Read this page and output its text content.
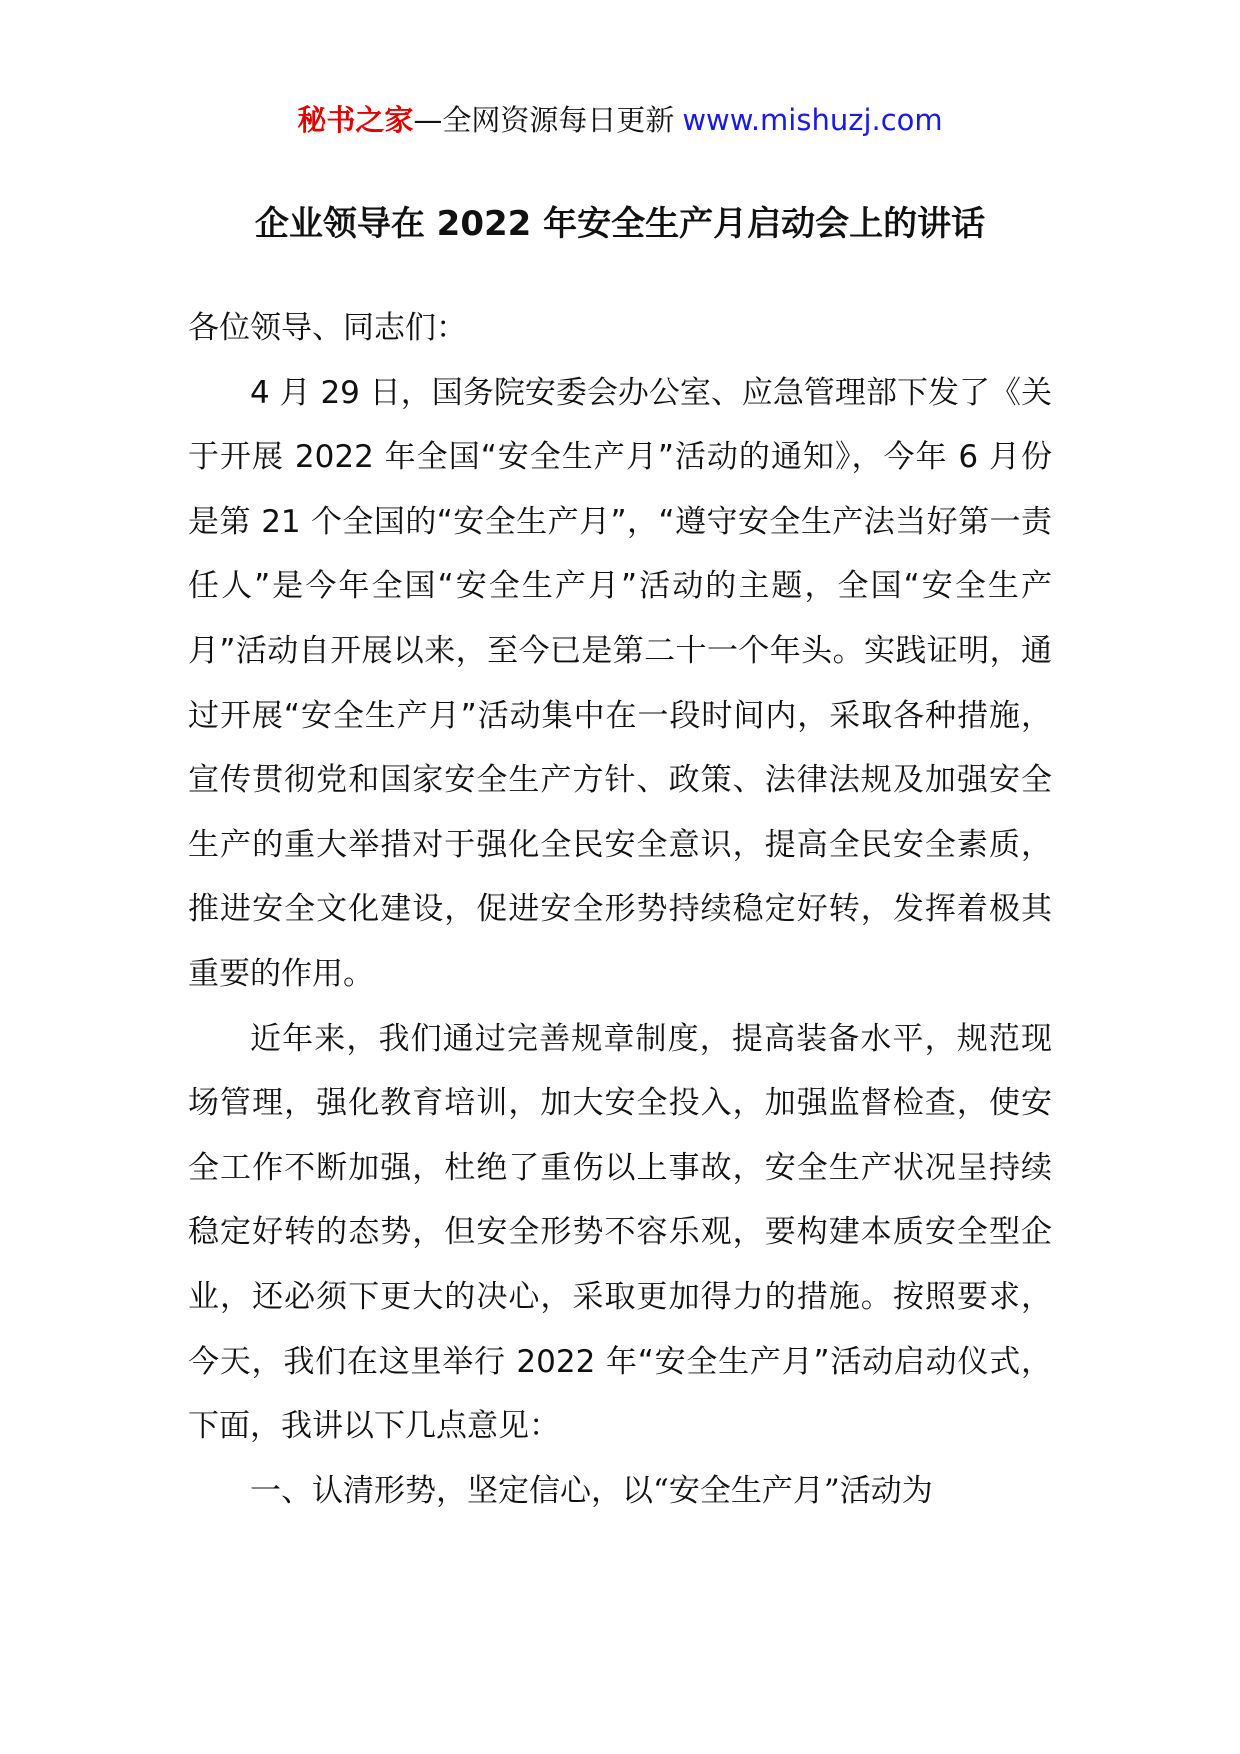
秘书之家—全网资源每日更新 www.mishuzj.com
企业领导在 2022 年安全生产月启动会上的讲话

各位领导、同志们：

4 月 29 日，国务院安委会办公室、应急管理部下发了《关于开展 2022 年全国“安全生产月”活动的通知》，今年 6 月份是第 21 个全国的“安全生产月”，“遵守安全生产法当好第一责任人”是今年全国“安全生产月”活动的主题，全国“安全生产月”活动自开展以来，至今已是第二十一个年头。实践证明，通过开展“安全生产月”活动集中在一段时间内，采取各种措施，宣传贯彻党和国家安全生产方针、政策、法律法规及加强安全生产的重大举措对于强化全民安全意识，提高全民安全素质，推进安全文化建设，促进安全形势持续稳定好转，发挥着极其重要的作用。

近年来，我们通过完善规章制度，提高装备水平，规范现场管理，强化教育培训，加大安全投入，加强监督检查，使安全工作不断加强，杜绝了重伤以上事故，安全生产状况呈持续稳定好转的态势，但安全形势不容乐观，要构建本质安全型企业，还必须下更大的决心，采取更加得力的措施。按照要求，今天，我们在这里举行 2022 年“安全生产月”活动启动仪式，下面，我讲以下几点意见：

一、认清形势，坚定信心，以“安全生产月”活动为
